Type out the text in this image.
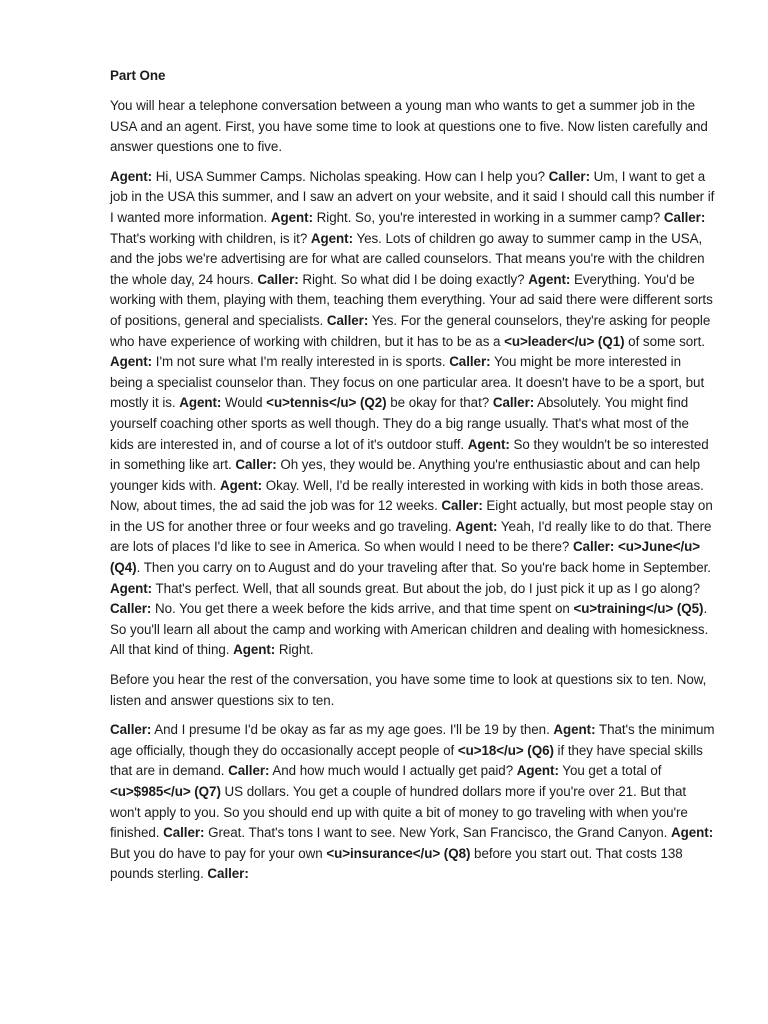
Part One

You will hear a telephone conversation between a young man who wants to get a summer job in the USA and an agent. First, you have some time to look at questions one to five. Now listen carefully and answer questions one to five.

Agent: Hi, USA Summer Camps. Nicholas speaking. How can I help you? Caller: Um, I want to get a job in the USA this summer, and I saw an advert on your website, and it said I should call this number if I wanted more information. Agent: Right. So, you're interested in working in a summer camp? Caller: That's working with children, is it? Agent: Yes. Lots of children go away to summer camp in the USA, and the jobs we're advertising are for what are called counselors. That means you're with the children the whole day, 24 hours. Caller: Right. So what did I be doing exactly? Agent: Everything. You'd be working with them, playing with them, teaching them everything. Your ad said there were different sorts of positions, general and specialists. Caller: Yes. For the general counselors, they're asking for people who have experience of working with children, but it has to be as a <u>leader</u> (Q1) of some sort. Agent: I'm not sure what I'm really interested in is sports. Caller: You might be more interested in being a specialist counselor than. They focus on one particular area. It doesn't have to be a sport, but mostly it is. Agent: Would <u>tennis</u> (Q2) be okay for that? Caller: Absolutely. You might find yourself coaching other sports as well though. They do a big range usually. That's what most of the kids are interested in, and of course a lot of it's outdoor stuff. Agent: So they wouldn't be so interested in something like art. Caller: Oh yes, they would be. Anything you're enthusiastic about and can help younger kids with. Agent: Okay. Well, I'd be really interested in working with kids in both those areas. Now, about times, the ad said the job was for 12 weeks. Caller: Eight actually, but most people stay on in the US for another three or four weeks and go traveling. Agent: Yeah, I'd really like to do that. There are lots of places I'd like to see in America. So when would I need to be there? Caller: <u>June</u> (Q4). Then you carry on to August and do your traveling after that. So you're back home in September. Agent: That's perfect. Well, that all sounds great. But about the job, do I just pick it up as I go along? Caller: No. You get there a week before the kids arrive, and that time spent on <u>training</u> (Q5). So you'll learn all about the camp and working with American children and dealing with homesickness. All that kind of thing. Agent: Right.

Before you hear the rest of the conversation, you have some time to look at questions six to ten. Now, listen and answer questions six to ten.

Caller: And I presume I'd be okay as far as my age goes. I'll be 19 by then. Agent: That's the minimum age officially, though they do occasionally accept people of <u>18</u> (Q6) if they have special skills that are in demand. Caller: And how much would I actually get paid? Agent: You get a total of <u>$985</u> (Q7) US dollars. You get a couple of hundred dollars more if you're over 21. But that won't apply to you. So you should end up with quite a bit of money to go traveling with when you're finished. Caller: Great. That's tons I want to see. New York, San Francisco, the Grand Canyon. Agent: But you do have to pay for your own <u>insurance</u> (Q8) before you start out. That costs 138 pounds sterling. Caller:
